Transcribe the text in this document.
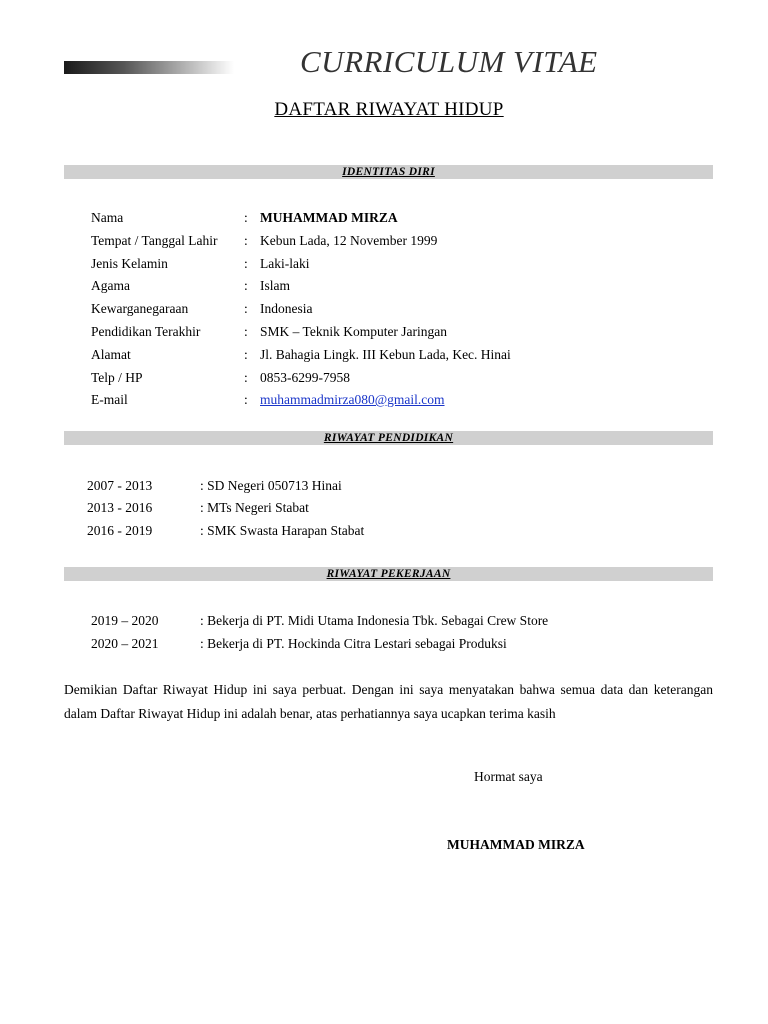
CURRICULUM VITAE
DAFTAR RIWAYAT HIDUP
IDENTITAS DIRI
Nama	: MUHAMMAD MIRZA
Tempat / Tanggal Lahir : Kebun Lada, 12 November 1999
Jenis Kelamin	: Laki-laki
Agama	: Islam
Kewarganegaraan	: Indonesia
Pendidikan Terakhir	: SMK – Teknik Komputer Jaringan
Alamat	: Jl. Bahagia Lingk. III Kebun Lada, Kec. Hinai
Telp / HP	: 0853-6299-7958
E-mail	: muhammadmirza080@gmail.com
RIWAYAT PENDIDIKAN
2007 - 2013	: SD Negeri 050713 Hinai
2013 - 2016	: MTs Negeri Stabat
2016 - 2019	: SMK Swasta Harapan Stabat
RIWAYAT PEKERJAAN
2019 – 2020	: Bekerja di PT. Midi Utama Indonesia Tbk. Sebagai Crew Store
2020 – 2021	: Bekerja di PT. Hockinda Citra Lestari sebagai Produksi
Demikian Daftar Riwayat Hidup ini saya perbuat. Dengan ini saya menyatakan bahwa semua data dan keterangan dalam Daftar Riwayat Hidup ini adalah benar, atas perhatiannya saya ucapkan terima kasih
Hormat saya
MUHAMMAD MIRZA
